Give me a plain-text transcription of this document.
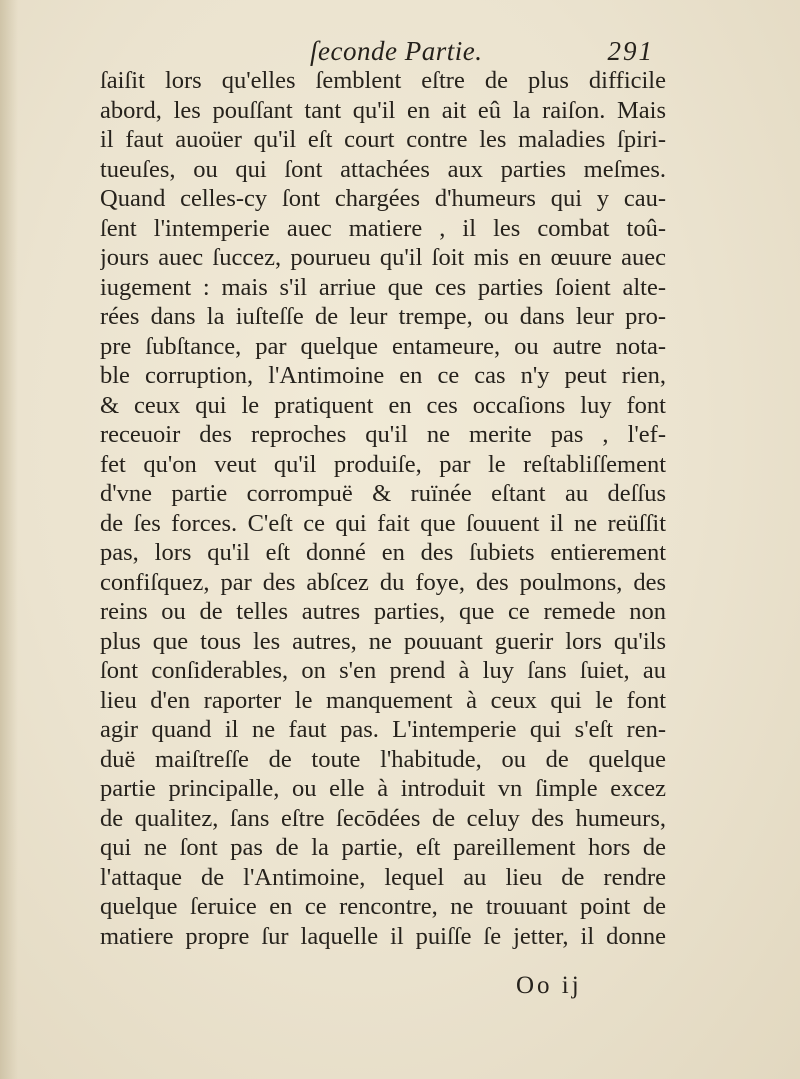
ſeconde Partie.	291
ſaiſit lors qu'elles ſemblent eſtre de plus difficile
abord, les pouſſant tant qu'il en ait eû la raiſon. Mais
il faut auoüer qu'il eſt court contre les maladies ſpiri-
tueuſes, ou qui ſont attachées aux parties meſmes.
Quand celles-cy ſont chargées d'humeurs qui y cau-
ſent l'intemperie auec matiere , il les combat toû-
jours auec ſuccez, pourueu qu'il ſoit mis en œuure auec
iugement : mais s'il arriue que ces parties ſoient alte-
rées dans la iuſteſſe de leur trempe, ou dans leur pro-
pre ſubſtance, par quelque entameure, ou autre nota-
ble corruption, l'Antimoine en ce cas n'y peut rien,
& ceux qui le pratiquent en ces occaſions luy font
receuoir des reproches qu'il ne merite pas , l'ef-
fet qu'on veut qu'il produiſe, par le reſtabliſſement
d'vne partie corrompuë & ruïnée eſtant au deſſus
de ſes forces. C'eſt ce qui fait que ſouuent il ne reüſſit
pas, lors qu'il eſt donné en des ſubiets entierement
confiſquez, par des abſcez du foye, des poulmons, des
reins ou de telles autres parties, que ce remede non
plus que tous les autres, ne pouuant guerir lors qu'ils
ſont conſiderables, on s'en prend à luy ſans ſuiet, au
lieu d'en raporter le manquement à ceux qui le font
agir quand il ne faut pas. L'intemperie qui s'eſt ren-
duë maiſtreſſe de toute l'habitude, ou de quelque
partie principalle, ou elle à introduit vn ſimple excez
de qualitez, ſans eſtre ſecōdées de celuy des humeurs,
qui ne ſont pas de la partie, eſt pareillement hors de
l'attaque de l'Antimoine, lequel au lieu de rendre
quelque ſeruice en ce rencontre, ne trouuant point de
matiere propre ſur laquelle il puiſſe ſe jetter, il donne
Oo ij
